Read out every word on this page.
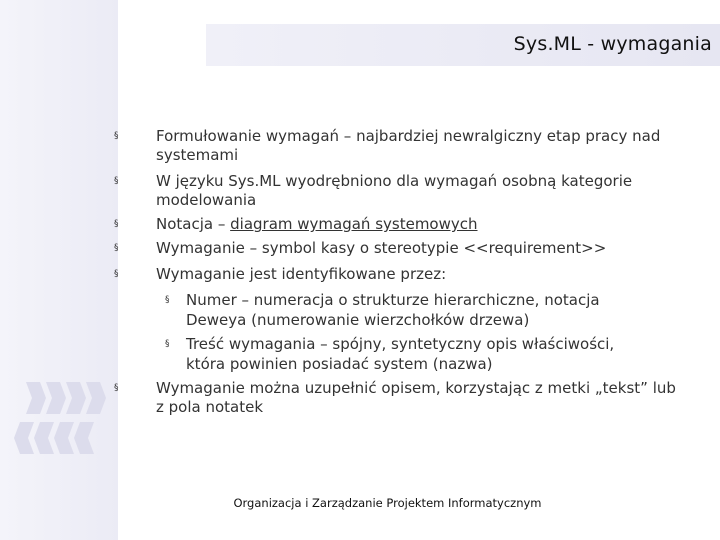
Sys.ML - wymagania
§	Formułowanie wymagań – najbardziej newralgiczny etap pracy nad systemami
§	W języku Sys.ML wyodrębniono dla wymagań osobną kategorie modelowania
§	Notacja – diagram wymagań systemowych
§	Wymaganie – symbol kasy o stereotypie <<requirement>>
§	Wymaganie jest identyfikowane przez:
§ Numer – numeracja o strukturze hierarchiczne, notacja Deweya (numerowanie wierzchołków drzewa)
§ Treść wymagania – spójny, syntetyczny opis właściwości, która powinien posiadać system (nazwa)
§	Wymaganie można uzupełnić opisem, korzystając z metki „tekst” lub z pola notatek
Organizacja i Zarządzanie Projektem Informatycznym
